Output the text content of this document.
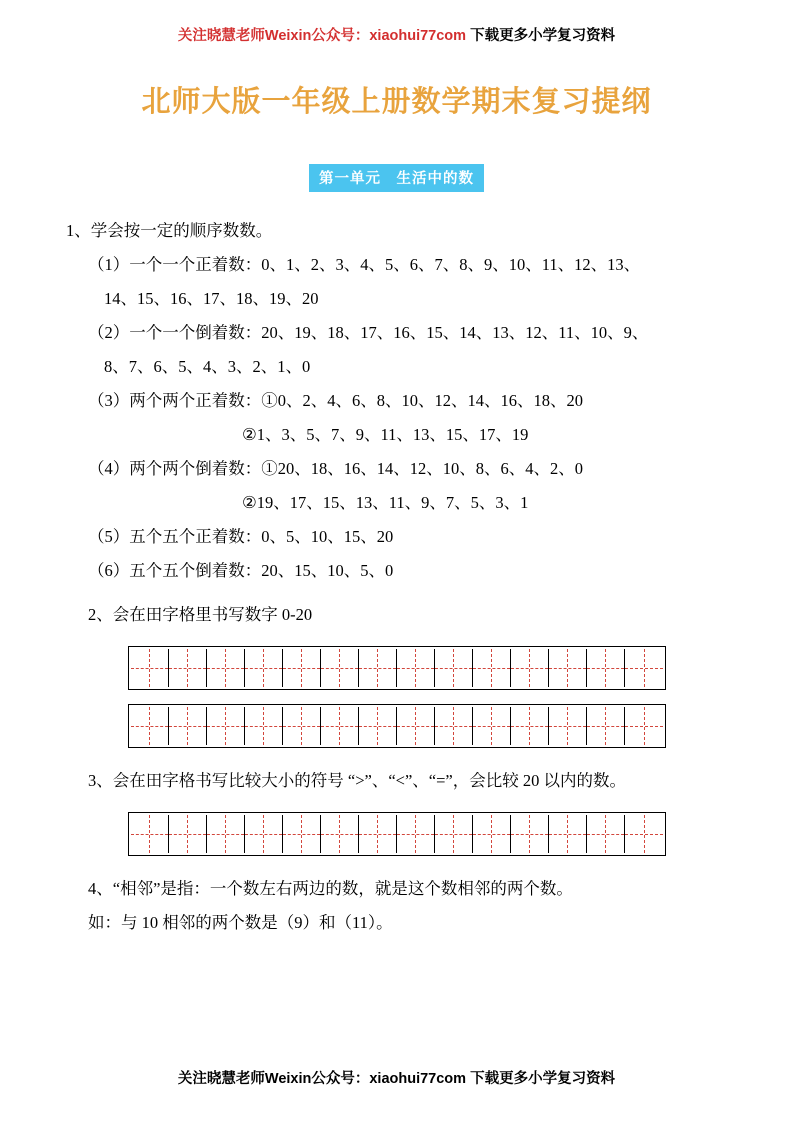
关注晓慧老师Weixin公众号：xiaohui77com 下载更多小学复习资料
北师大版一年级上册数学期末复习提纲
第一单元　生活中的数
1、学会按一定的顺序数数。
（1）一个一个正着数：0、1、2、3、4、5、6、7、8、9、10、11、12、13、
14、15、16、17、18、19、20
（2）一个一个倒着数：20、19、18、17、16、15、14、13、12、11、10、9、
8、7、6、5、4、3、2、1、0
（3）两个两个正着数：①0、2、4、6、8、10、12、14、16、18、20
②1、3、5、7、9、11、13、15、17、19
（4）两个两个倒着数：①20、18、16、14、12、10、8、6、4、2、0
②19、17、15、13、11、9、7、5、3、1
（5）五个五个正着数：0、5、10、15、20
（6）五个五个倒着数：20、15、10、5、0
2、会在田字格里书写数字 0-20
3、会在田字格书写比较大小的符号 “>”、“<”、“=”，会比较 20 以内的数。
4、“相邻”是指：一个数左右两边的数，就是这个数相邻的两个数。
如：与 10 相邻的两个数是（9）和（11）。
关注晓慧老师Weixin公众号：xiaohui77com 下载更多小学复习资料
